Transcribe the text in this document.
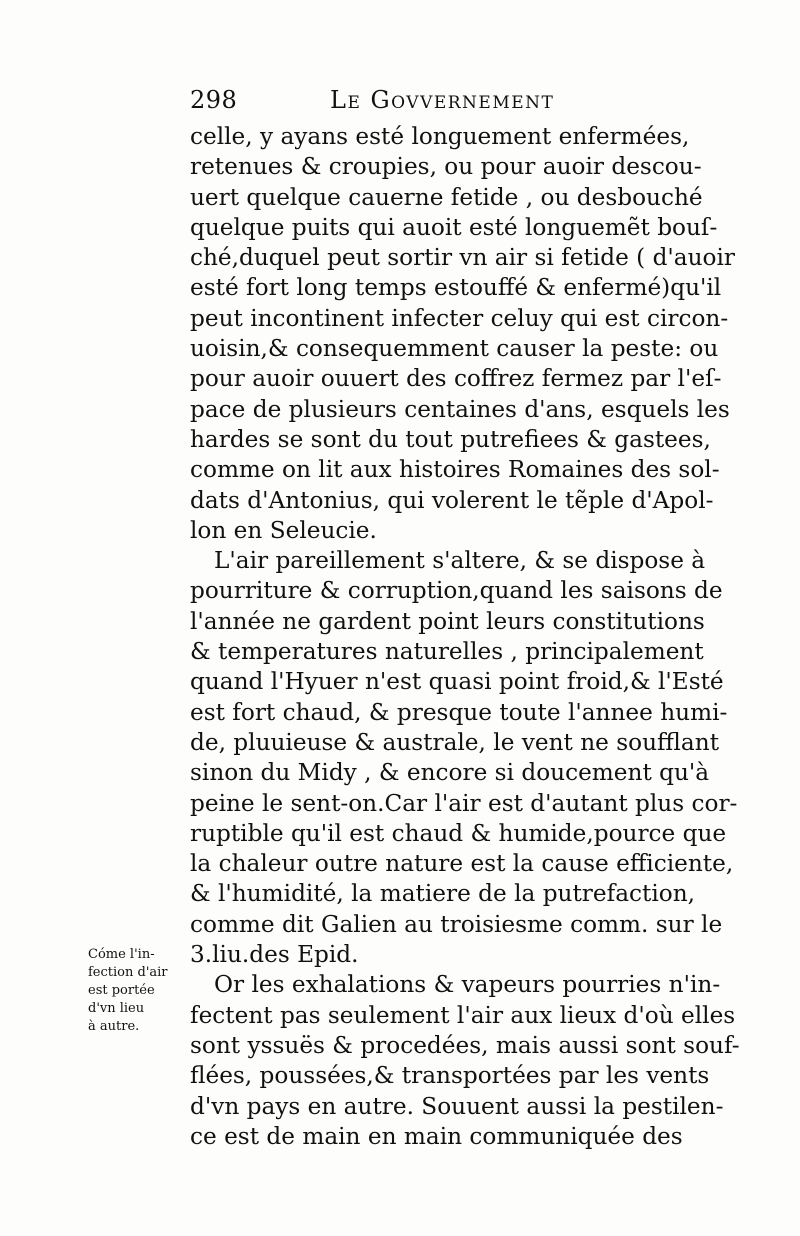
298	Le Govvernement
celle, y ayans esté longuement enfermées,
retenues & croupies, ou pour auoir descou-
uert quelque cauerne fetide , ou desbouché
quelque puits qui auoit esté longuemẽt bouſ-
ché,duquel peut sortir vn air si fetide ( d'auoir
esté fort long temps estouffé & enfermé)qu'il
peut incontinent infecter celuy qui est circon-
uoisin,& consequemment causer la peste: ou
pour auoir ouuert des coffrez fermez par l'eſ-
pace de plusieurs centaines d'ans, esquels les
hardes se sont du tout putrefiees & gastees,
comme on lit aux histoires Romaines des sol-
dats d'Antonius, qui volerent le tẽple d'Apol-
lon en Seleucie.
L'air pareillement s'altere, & se dispose à
pourriture & corruption,quand les saisons de
l'année ne gardent point leurs constitutions
& temperatures naturelles , principalement
quand l'Hyuer n'est quasi point froid,& l'Esté
est fort chaud, & presque toute l'annee humi-
de, pluuieuse & australe, le vent ne soufflant
sinon du Midy , & encore si doucement qu'à
peine le sent-on.Car l'air est d'autant plus cor-
ruptible qu'il est chaud & humide,pource que
la chaleur outre nature est la cause efficiente,
& l'humidité, la matiere de la putrefaction,
comme dit Galien au troisiesme comm. sur le
3.liu.des Epid.
Or les exhalations & vapeurs pourries n'in-
fectent pas seulement l'air aux lieux d'où elles
sont yssuës & procedées, mais aussi sont souf-
flées, poussées,& transportées par les vents
d'vn pays en autre. Souuent aussi la pestilen-
ce est de main en main communiquée des
Cóme l'in-
fection d'air
est portée
d'vn lieu
à autre.
